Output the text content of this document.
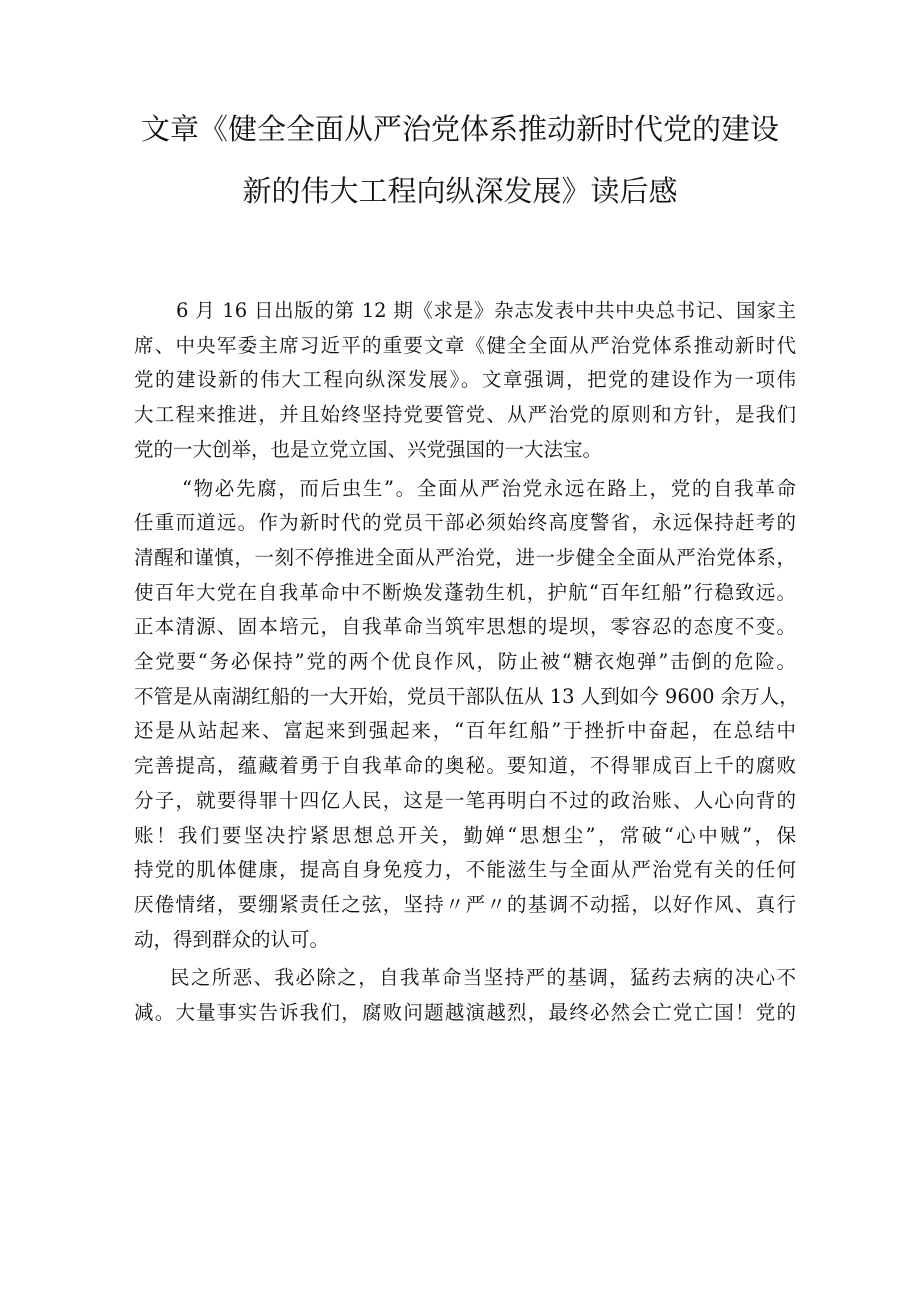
文章《健全全面从严治党体系推动新时代党的建设
新的伟大工程向纵深发展》读后感

6 月 16 日出版的第 12 期《求是》杂志发表中共中央总书记、国家主
席、中央军委主席习近平的重要文章《健全全面从严治党体系推动新时代
党的建设新的伟大工程向纵深发展》。文章强调，把党的建设作为一项伟
大工程来推进，并且始终坚持党要管党、从严治党的原则和方针，是我们
党的一大创举，也是立党立国、兴党强国的一大法宝。

“物必先腐，而后虫生”。全面从严治党永远在路上，党的自我革命
任重而道远。作为新时代的党员干部必须始终高度警省，永远保持赶考的
清醒和谨慎，一刻不停推进全面从严治党，进一步健全全面从严治党体系，
使百年大党在自我革命中不断焕发蓬勃生机，护航“百年红船”行稳致远。
正本清源、固本培元，自我革命当筑牢思想的堤坝，零容忍的态度不变。
全党要“务必保持”党的两个优良作风，防止被“糖衣炮弹”击倒的危险。
不管是从南湖红船的一大开始，党员干部队伍从 13 人到如今 9600 余万人，
还是从站起来、富起来到强起来，“百年红船”于挫折中奋起，在总结中
完善提高，蕴藏着勇于自我革命的奥秘。要知道，不得罪成百上千的腐败
分子，就要得罪十四亿人民，这是一笔再明白不过的政治账、人心向背的
账！我们要坚决拧紧思想总开关，勤婵“思想尘”，常破“心中贼”，保
持党的肌体健康，提高自身免疫力，不能滋生与全面从严治党有关的任何
厌倦情绪，要绷紧责任之弦，坚持〃严〃的基调不动摇，以好作风、真行
动，得到群众的认可。

民之所恶、我必除之，自我革命当坚持严的基调，猛药去病的决心不
减。大量事实告诉我们，腐败问题越演越烈，最终必然会亡党亡国！党的
